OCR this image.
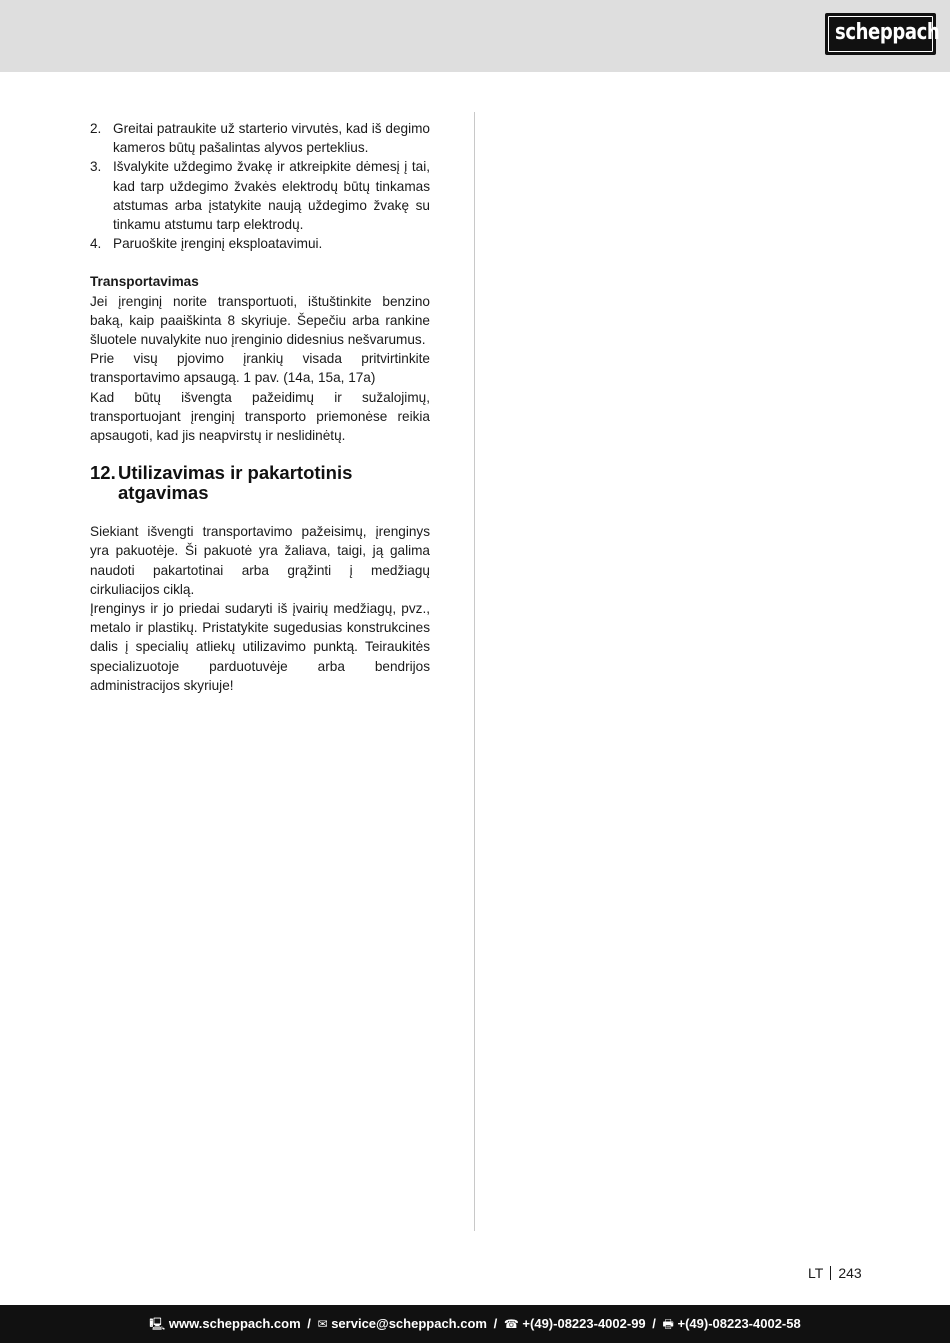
scheppach
2. Greitai patraukite už starterio virvutės, kad iš degimo kameros būtų pašalintas alyvos perteklius.
3. Išvalykite uždegimo žvakę ir atkreipkite dėmesį į tai, kad tarp uždegimo žvakės elektrodų būtų tinkamas atstumas arba įstatykite naują uždegimo žvakę su tinkamu atstumu tarp elektrodų.
4. Paruoškite įrenginį eksploatavimui.
Transportavimas

Jei įrenginį norite transportuoti, ištuštinkite benzino baką, kaip paaiškinta 8 skyriuje. Šepečiu arba rankine šluotele nuvalykite nuo įrenginio didesnius nešvarumus.

Prie visų pjovimo įrankių visada pritvirtinkite transportavimo apsaugą. 1 pav. (14a, 15a, 17a)

Kad būtų išvengta pažeidimų ir sužalojimų, transportuojant įrenginį transporto priemonėse reikia apsaugoti, kad jis neapvirstų ir neslidinėtų.

12. Utilizavimas ir pakartotinis atgavimas

Siekiant išvengti transportavimo pažeisimų, įrenginys yra pakuotėje. Ši pakuotė yra žaliava, taigi, ją galima naudoti pakartotinai arba grąžinti į medžiagų cirkuliacijos ciklą.

Įrenginys ir jo priedai sudaryti iš įvairių medžiagų, pvz., metalo ir plastikų. Pristatykite sugedusias konstrukcines dalis į specialių atliekų utilizavimo punktą. Teiraukitės specializuotoje parduotuvėje arba bendrijos administracijos skyriuje!

LT 243
🖳︎ www.scheppach.com / ✉︎ service@scheppach.com / ☎︎ +(49)-08223-4002-99 / 🖶︎ +(49)-08223-4002-58
